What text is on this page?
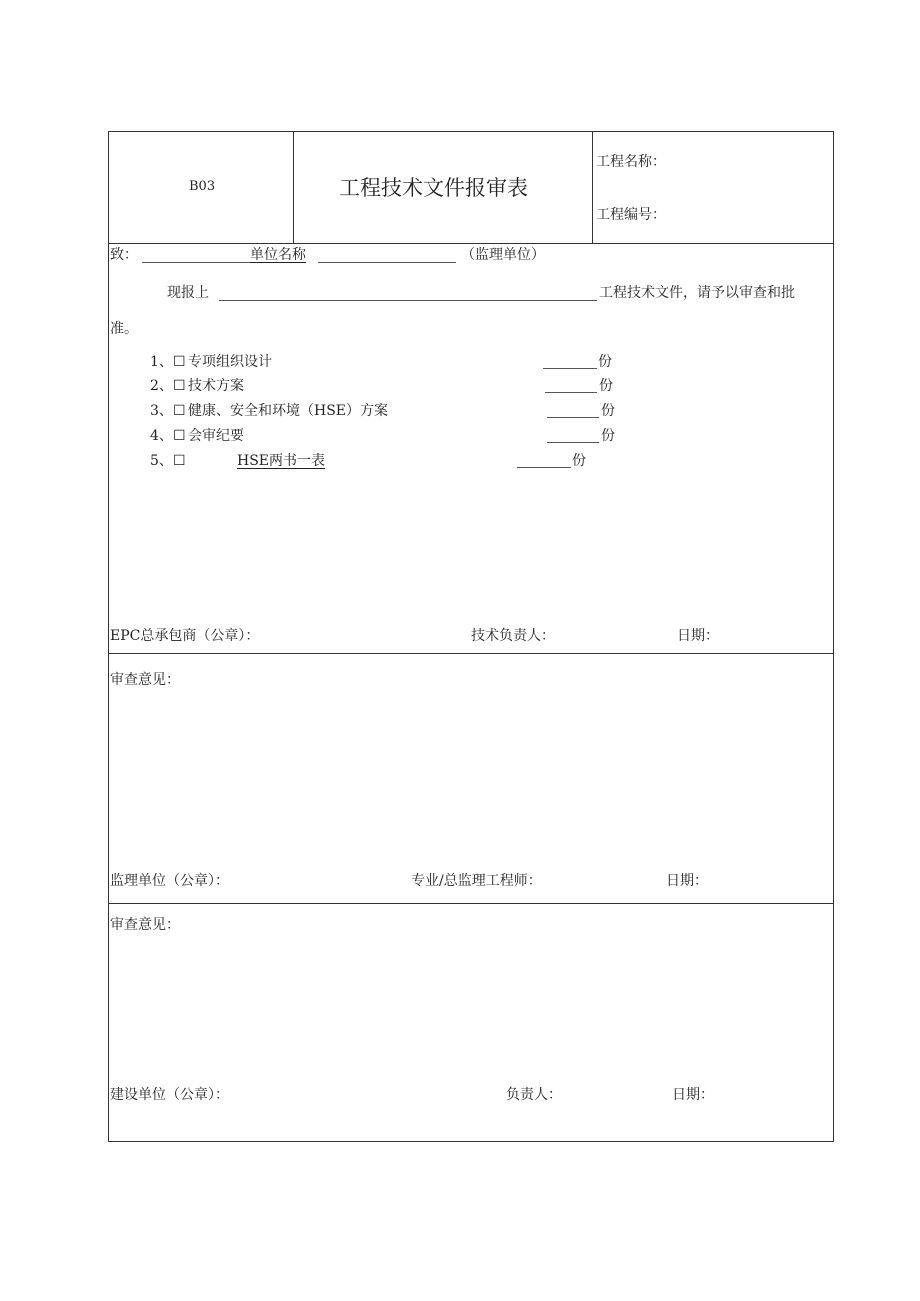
B03	工程技术文件报审表
工程名称：
工程编号：
致：	单位名称	（监理单位）
现报上	工程技术文件，请予以审查和批
准。
1、 ☐ 专项组织设计	份
2、 ☐ 技术方案	份
3、 ☐ 健康、安全和环境（HSE）方案	份
4、 ☐ 会审纪要	份
5、 ☐	HSE两书一表	份
EPC总承包商（公章）：	技术负责人：	日期：
审查意见：
监理单位（公章）：	专业/总监理工程师：	日期：
审查意见：
建设单位（公章）：	负责人：	日期：
